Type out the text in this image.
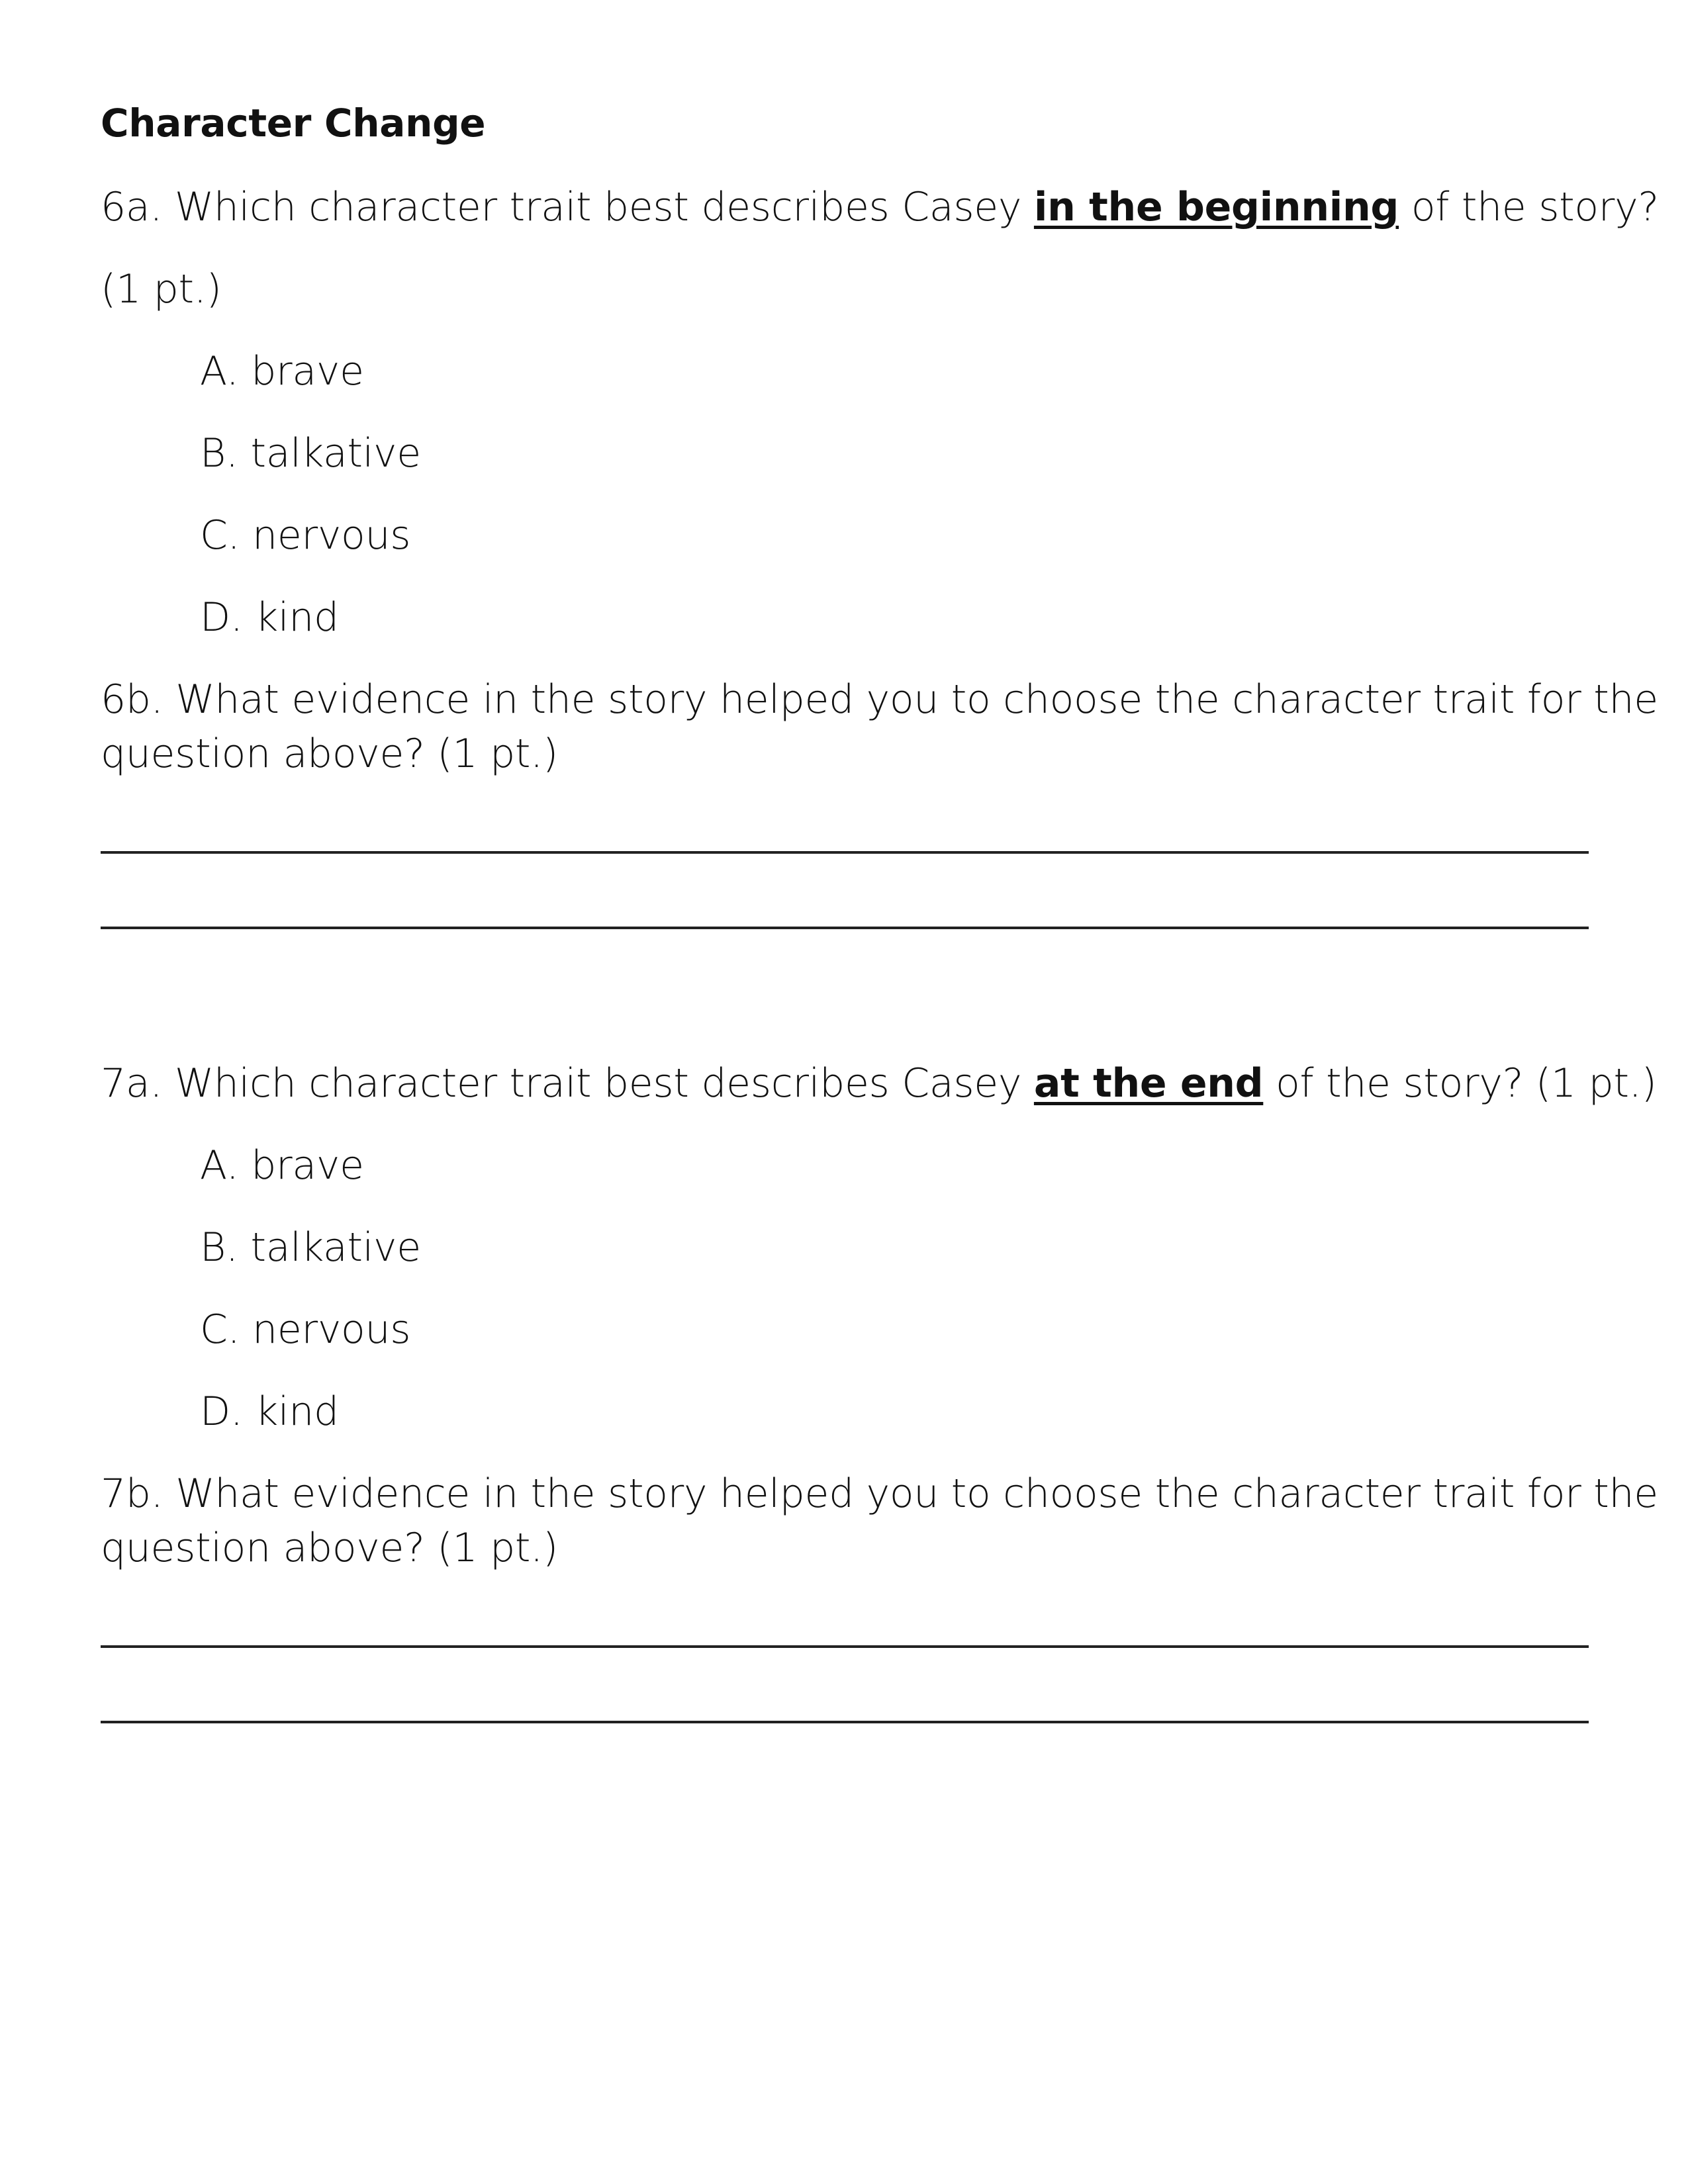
Character Change
6a. Which character trait best describes Casey in the beginning of the story?
(1 pt.)
A. brave
B. talkative
C. nervous
D. kind
6b. What evidence in the story helped you to choose the character trait for the
question above? (1 pt.)
7a. Which character trait best describes Casey at the end of the story? (1 pt.)
A. brave
B. talkative
C. nervous
D. kind
7b. What evidence in the story helped you to choose the character trait for the
question above? (1 pt.)
